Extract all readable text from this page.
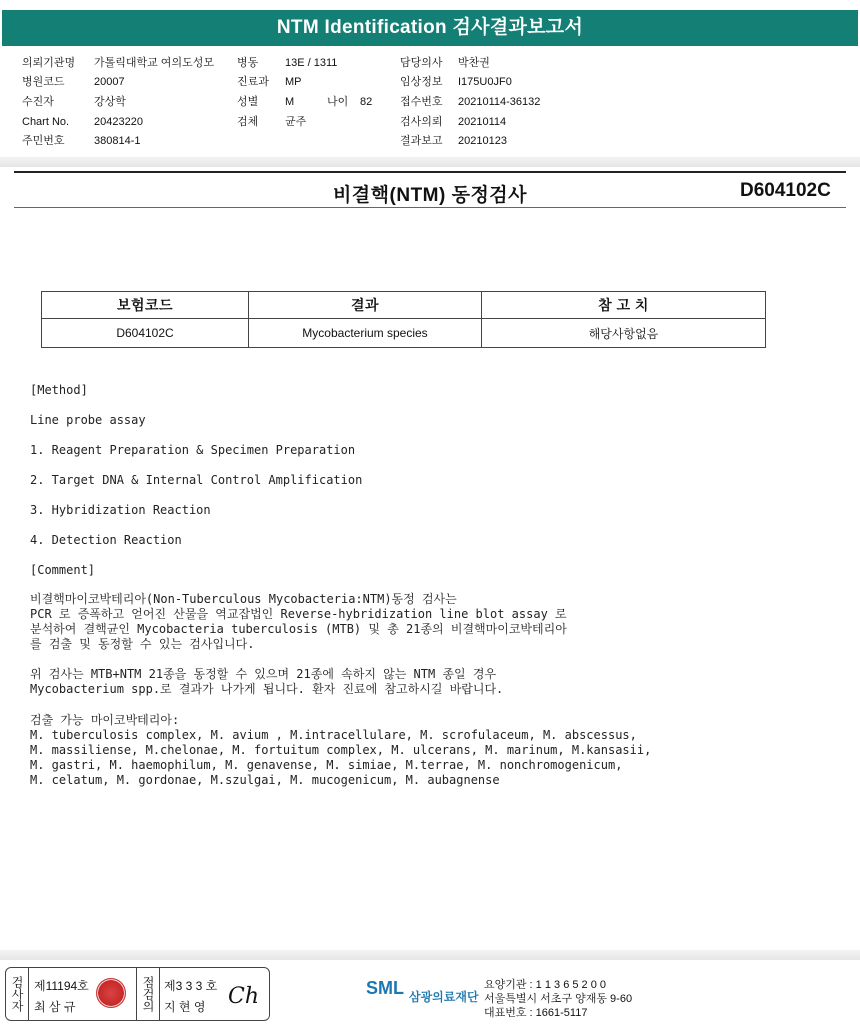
NTM Identification 검사결과보고서
의뢰기관명 가톨릭대학교 여의도성모 병동 13E / 1311	담당의사 박찬권
병원코드	20007	진료과 MP	임상정보 I175U0JF0
수진자	강상학	성별 M	나이 82	접수번호 20210114-36132
Chart No. 20423220	검체 균주	검사의뢰 20210114
주민번호	380814-1	결과보고 20210123
비결핵(NTM) 동정검사	D604102C
보험코드	결과	참 고 치
D604102C	Mycobacterium species	해당사항없음
[Method]
Line probe assay
1. Reagent Preparation & Specimen Preparation
2. Target DNA & Internal Control Amplification
3. Hybridization Reaction
4. Detection Reaction
[Comment]
비결핵마이코박테리아(Non-Tuberculous Mycobacteria:NTM)동정 검사는
PCR 로 증폭하고 얻어진 산물을 역교잡법인 Reverse-hybridization line blot assay 로
분석하여 결핵균인 Mycobacteria tuberculosis (MTB) 및 총 21종의 비결핵마이코박테리아
를 검출 및 동정할 수 있는 검사입니다.
위 검사는 MTB+NTM 21종을 동정할 수 있으며 21종에 속하지 않는 NTM 종일 경우
Mycobacterium spp.로 결과가 나가게 됩니다. 환자 진료에 참고하시길 바랍니다.
검출 가능 마이코박테리아:
M. tuberculosis complex, M. avium , M.intracellulare, M. scrofulaceum, M. abscessus,
M. massiliense, M.chelonae, M. fortuitum complex, M. ulcerans, M. marinum, M.kansasii,
M. gastri, M. haemophilum, M. genavense, M. simiae, M.terrae, M. nonchromogenicum,
M. celatum, M. gordonae, M.szulgai, M. mucogenicum, M. aubagnense
검사자 제11194호
최 삼 규	점검의 제3 3 3 호
지 현 영 Ch	SML 삼광의료재단
요양기관 : 1 1 3 6 5 2 0 0
서울특별시 서초구 양재동 9-60
대표번호 : 1661-5117
